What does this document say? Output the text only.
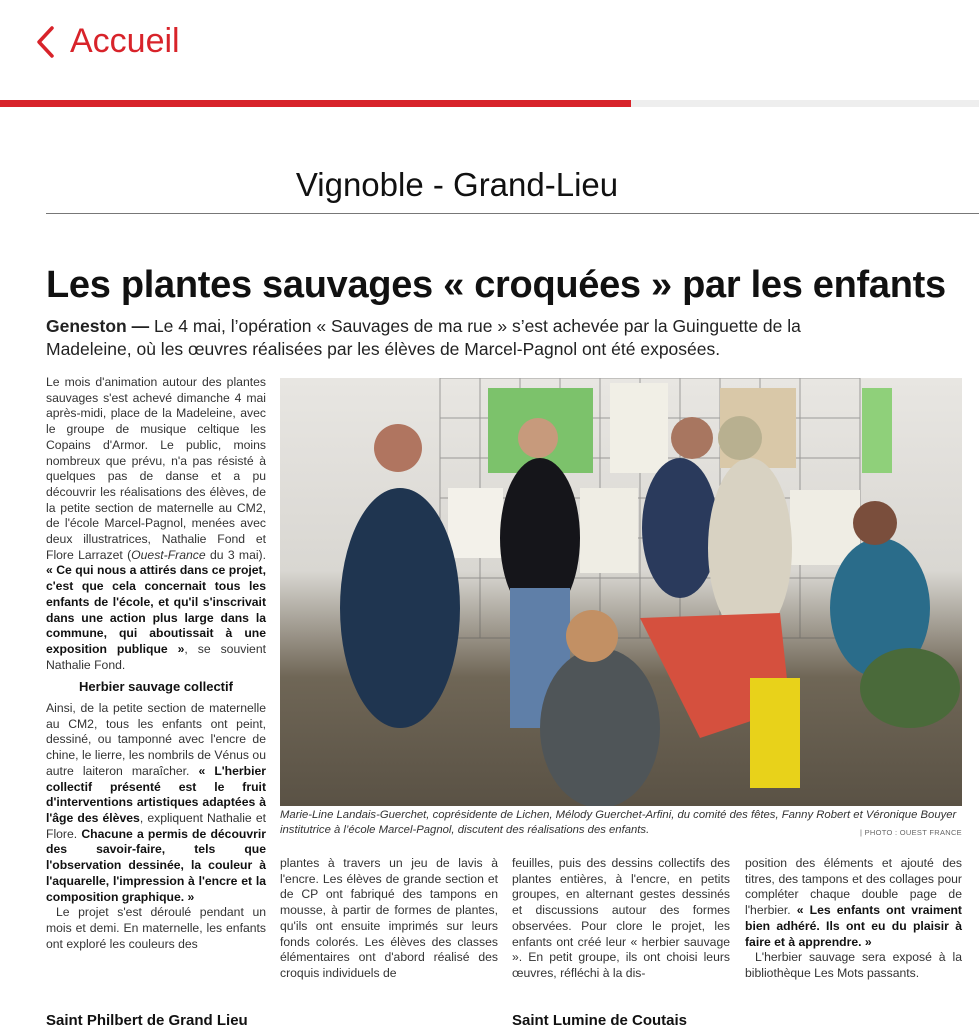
Accueil
Vignoble - Grand-Lieu
Les plantes sauvages « croquées » par les enfants
Geneston — Le 4 mai, l’opération « Sauvages de ma rue » s’est achevée par la Guinguette de la Madeleine, où les œuvres réalisées par les élèves de Marcel-Pagnol ont été exposées.

Le mois d'animation autour des plantes sauvages s'est achevé dimanche 4 mai après-midi, place de la Madeleine, avec le groupe de musique celtique les Copains d'Armor. Le public, moins nombreux que prévu, n'a pas résisté à quelques pas de danse et a pu découvrir les réalisations des élèves, de la petite section de maternelle au CM2, de l'école Marcel-Pagnol, menées avec deux illustratrices, Nathalie Fond et Flore Larrazet (Ouest-France du 3 mai). « Ce qui nous a attirés dans ce projet, c'est que cela concernait tous les enfants de l'école, et qu'il s'inscrivait dans une action plus large dans la commune, qui aboutissait à une exposition publique », se souvient Nathalie Fond.

Herbier sauvage collectif

Ainsi, de la petite section de maternelle au CM2, tous les enfants ont peint, dessiné, ou tamponné avec l'encre de chine, le lierre, les nombrils de Vénus ou autre laiteron maraîcher. « L'herbier collectif présenté est le fruit d'interventions artistiques adaptées à l'âge des élèves, expliquent Nathalie et Flore. Chacune a permis de découvrir des savoir-faire, tels que l'observation dessinée, la couleur à l'aquarelle, l'impression à l'encre et la composition graphique. »

Le projet s'est déroulé pendant un mois et demi. En maternelle, les enfants ont exploré les couleurs des

Marie-Line Landais-Guerchet, coprésidente de Lichen, Mélody Guerchet-Arfini, du comité des fêtes, Fanny Robert et Véronique Bouyer institutrice à l’école Marcel-Pagnol, discutent des réalisations des enfants.	| PHOTO : OUEST FRANCE

plantes à travers un jeu de lavis à l'encre. Les élèves de grande section et de CP ont fabriqué des tampons en mousse, à partir de formes de plantes, qu'ils ont ensuite imprimés sur leurs fonds colorés. Les élèves des classes élémentaires ont d'abord réalisé des croquis individuels de

feuilles, puis des dessins collectifs des plantes entières, à l'encre, en petits groupes, en alternant gestes dessinés et discussions autour des formes observées. Pour clore le projet, les enfants ont créé leur « herbier sauvage ». En petit groupe, ils ont choisi leurs œuvres, réfléchi à la dis-

position des éléments et ajouté des titres, des tampons et des collages pour compléter chaque double page de l'herbier. « Les enfants ont vraiment bien adhéré. Ils ont eu du plaisir à faire et à apprendre. »

L'herbier sauvage sera exposé à la bibliothèque Les Mots passants.

Saint Philbert de Grand Lieu	Saint Lumine de Coutais
